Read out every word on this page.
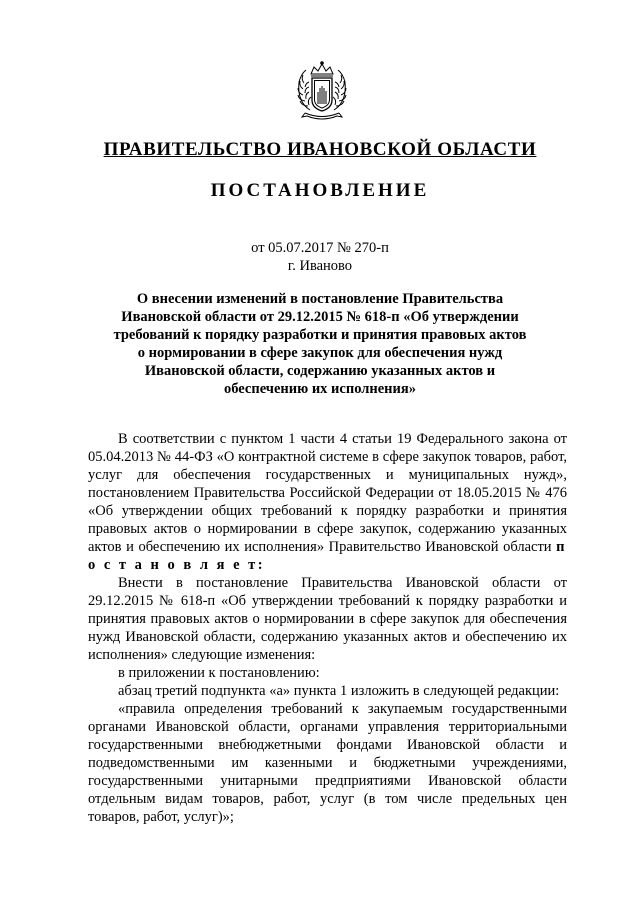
ПРАВИТЕЛЬСТВО ИВАНОВСКОЙ ОБЛАСТИ
ПОСТАНОВЛЕНИЕ
от 05.07.2017 № 270-п
г. Иваново
О внесении изменений в постановление Правительства Ивановской области от 29.12.2015 № 618-п «Об утверждении требований к порядку разработки и принятия правовых актов о нормировании в сфере закупок для обеспечения нужд Ивановской области, содержанию указанных актов и обеспечению их исполнения»

В соответствии с пунктом 1 части 4 статьи 19 Федерального закона от 05.04.2013 № 44-ФЗ «О контрактной системе в сфере закупок товаров, работ, услуг для обеспечения государственных и муниципальных нужд», постановлением Правительства Российской Федерации от 18.05.2015 № 476 «Об утверждении общих требований к порядку разработки и принятия правовых актов о нормировании в сфере закупок, содержанию указанных актов и обеспечению их исполнения» Правительство Ивановской области п о с т а н о в л я е т:

Внести в постановление Правительства Ивановской области от 29.12.2015 № 618-п «Об утверждении требований к порядку разработки и принятия правовых актов о нормировании в сфере закупок для обеспечения нужд Ивановской области, содержанию указанных актов и обеспечению их исполнения» следующие изменения:

в приложении к постановлению:

абзац третий подпункта «а» пункта 1 изложить в следующей редакции:

«правила определения требований к закупаемым государственными органами Ивановской области, органами управления территориальными государственными внебюджетными фондами Ивановской области и подведомственными им казенными и бюджетными учреждениями, государственными унитарными предприятиями Ивановской области отдельным видам товаров, работ, услуг (в том числе предельных цен товаров, работ, услуг)»;
